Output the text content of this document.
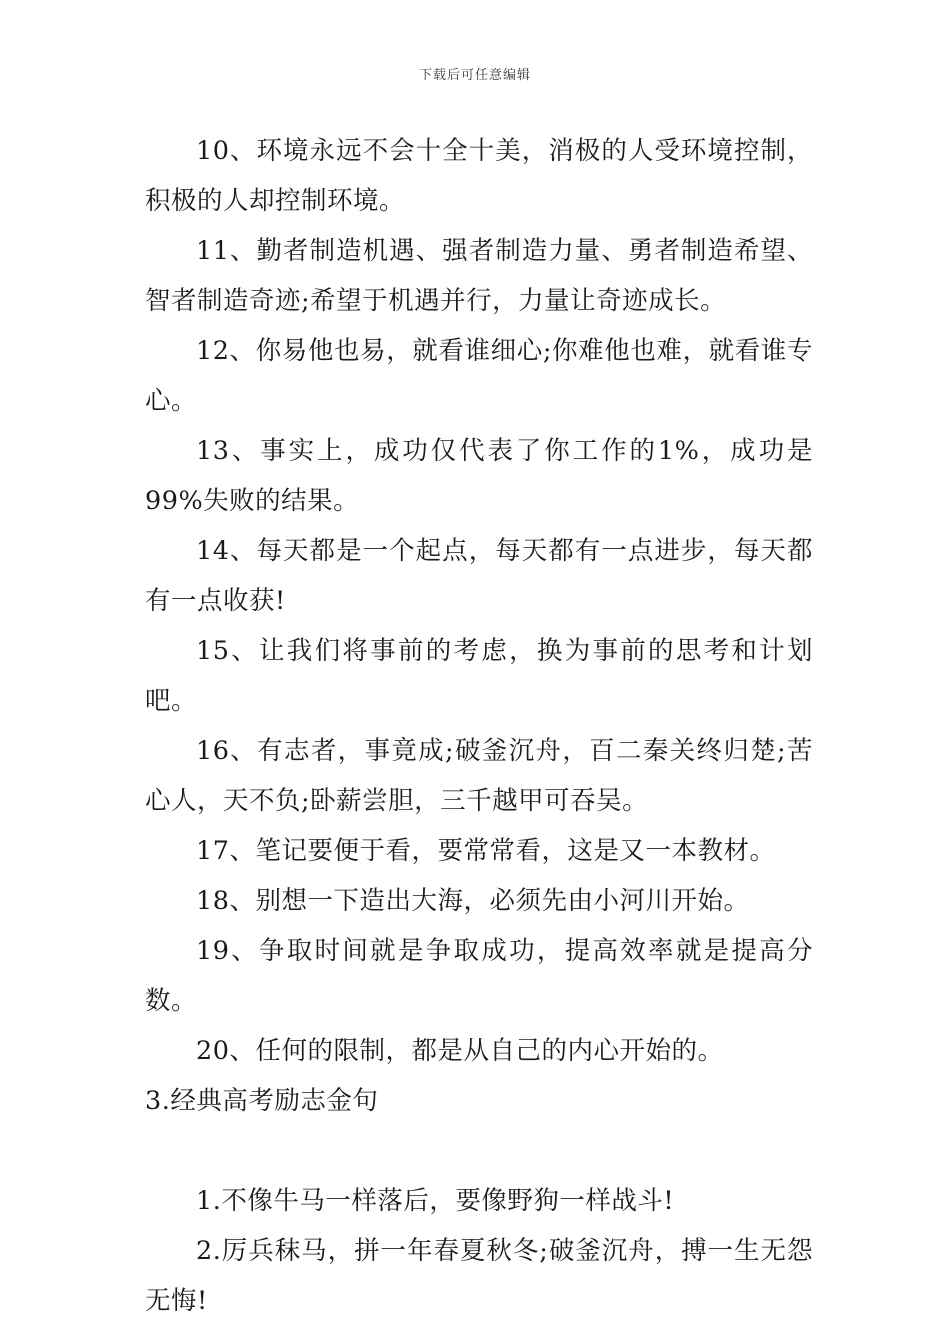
下载后可任意编辑

10、环境永远不会十全十美，消极的人受环境控制，积极的人却控制环境。

11、勤者制造机遇、强者制造力量、勇者制造希望、智者制造奇迹;希望于机遇并行，力量让奇迹成长。

12、你易他也易，就看谁细心;你难他也难，就看谁专心。

13、事实上，成功仅代表了你工作的1%，成功是99%失败的结果。

14、每天都是一个起点，每天都有一点进步，每天都有一点收获!

15、让我们将事前的考虑，换为事前的思考和计划吧。

16、有志者，事竟成;破釜沉舟，百二秦关终归楚;苦心人，天不负;卧薪尝胆，三千越甲可吞吴。

17、笔记要便于看，要常常看，这是又一本教材。

18、别想一下造出大海，必须先由小河川开始。

19、争取时间就是争取成功，提高效率就是提高分数。

20、任何的限制，都是从自己的内心开始的。

3.经典高考励志金句

1.不像牛马一样落后，要像野狗一样战斗!

2.厉兵秣马，拼一年春夏秋冬;破釜沉舟，搏一生无怨无悔!
